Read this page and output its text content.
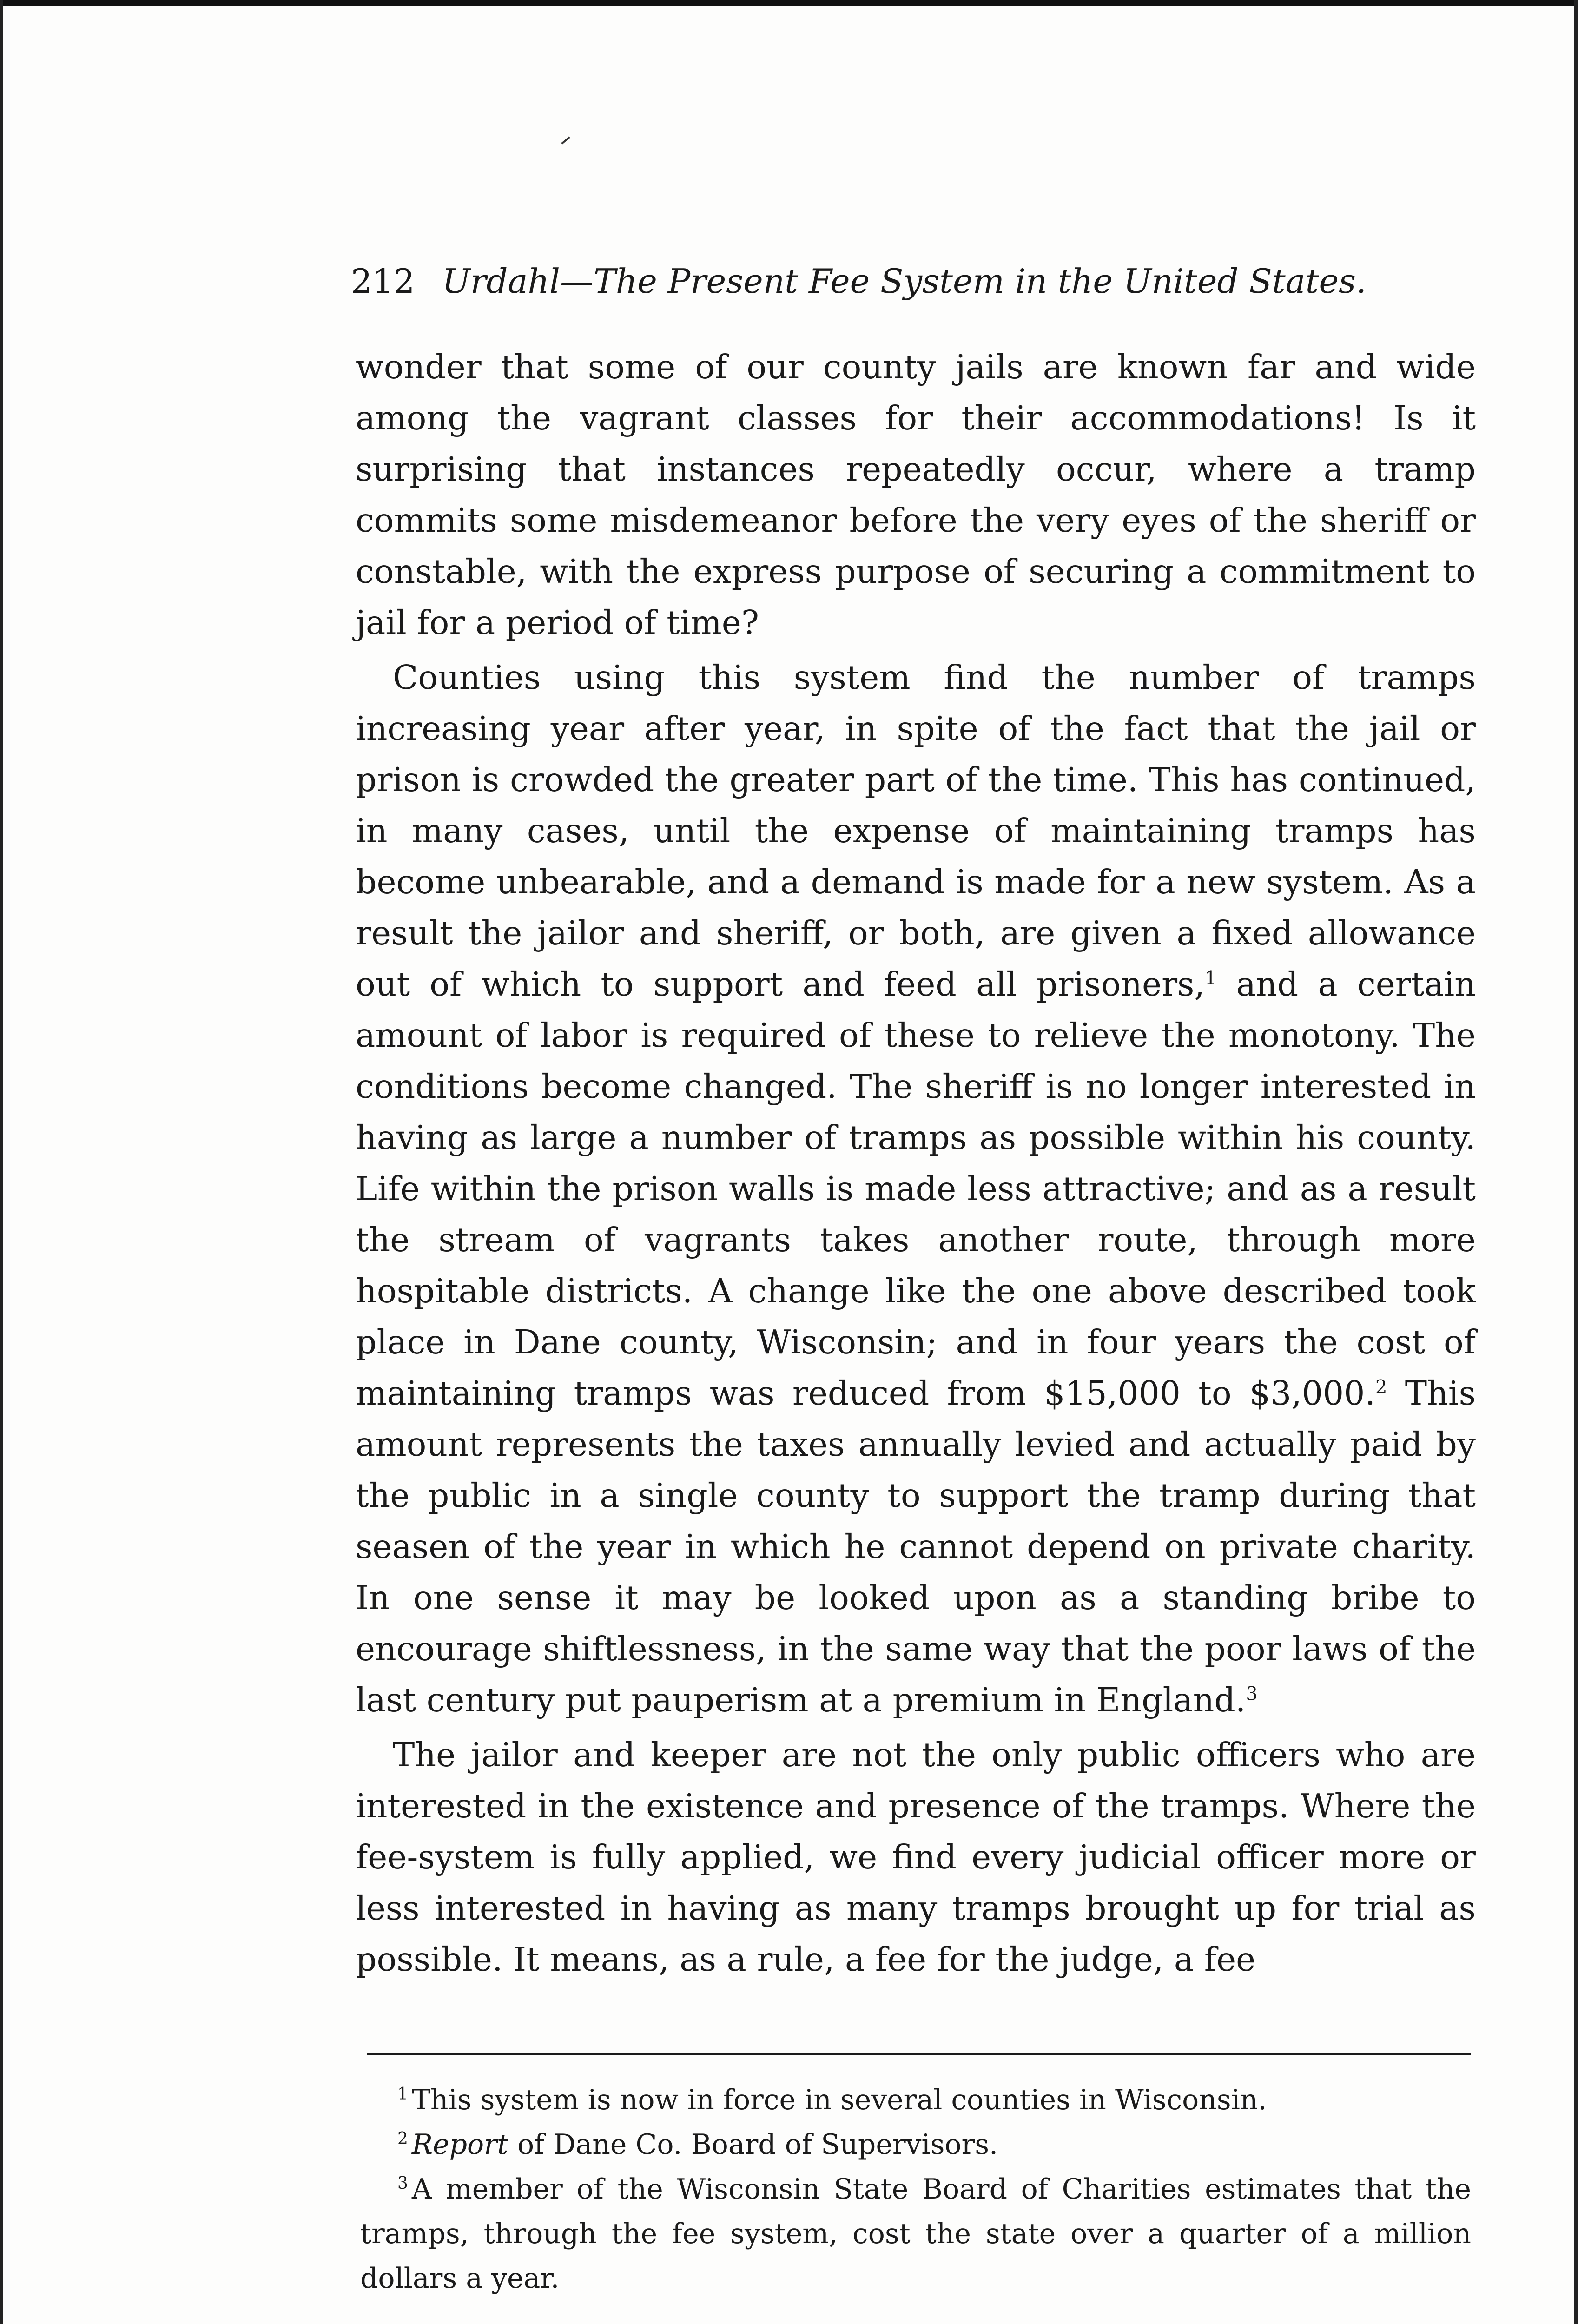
212 Urdahl—The Present Fee System in the United States.

wonder that some of our county jails are known far and wide among the vagrant classes for their accommodations! Is it surprising that instances repeatedly occur, where a tramp commits some misdemeanor before the very eyes of the sheriff or constable, with the express purpose of securing a commitment to jail for a period of time?

Counties using this system find the number of tramps increasing year after year, in spite of the fact that the jail or prison is crowded the greater part of the time. This has continued, in many cases, until the expense of maintaining tramps has become unbearable, and a demand is made for a new system. As a result the jailor and sheriff, or both, are given a fixed allowance out of which to support and feed all prisoners,$^1$ and a certain amount of labor is required of these to relieve the monotony. The conditions become changed. The sheriff is no longer interested in having as large a number of tramps as possible within his county. Life within the prison walls is made less attractive; and as a result the stream of vagrants takes another route, through more hospitable districts. A change like the one above described took place in Dane county, Wisconsin; and in four years the cost of maintaining tramps was reduced from $15,000 to $3,000.$^2$ This amount represents the taxes annually levied and actually paid by the public in a single county to support the tramp during that seasen of the year in which he cannot depend on private charity. In one sense it may be looked upon as a standing bribe to encourage shiftlessness, in the same way that the poor laws of the last century put pauperism at a premium in England.$^3$

The jailor and keeper are not the only public officers who are interested in the existence and presence of the tramps. Where the fee-system is fully applied, we find every judicial officer more or less interested in having as many tramps brought up for trial as possible. It means, as a rule, a fee for the judge, a fee

$^1$ This system is now in force in several counties in Wisconsin.

$^2$ Report of Dane Co. Board of Supervisors.

$^3$ A member of the Wisconsin State Board of Charities estimates that the tramps, through the fee system, cost the state over a quarter of a million dollars a year.
